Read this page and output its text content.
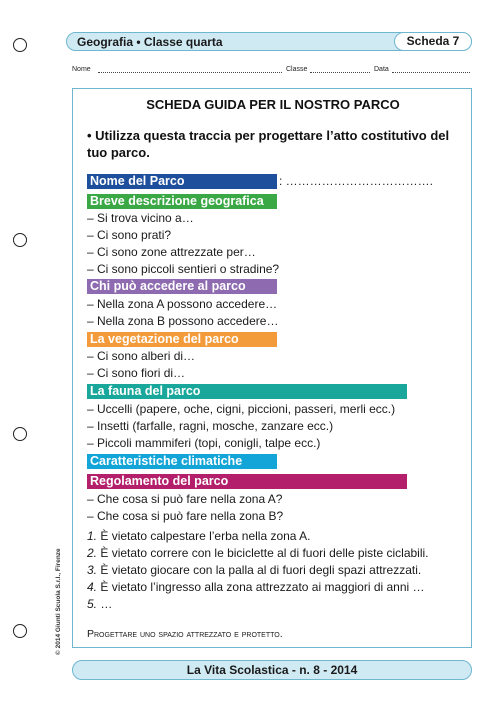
Geografia • Classe quarta	Scheda 7
Nome	Classe	Data
© 2014 Giunti Scuola S.r.l., Firenze
SCHEDA GUIDA PER IL NOSTRO PARCO
• Utilizza questa traccia per progettare l’atto costitutivo del tuo parco.
Nome del Parco	: ……………………………….
Breve descrizione geografica
– Si trova vicino a…
– Ci sono prati?
– Ci sono zone attrezzate per…
– Ci sono piccoli sentieri o stradine?
Chi può accedere al parco
– Nella zona A possono accedere…
– Nella zona B possono accedere…
La vegetazione del parco
– Ci sono alberi di…
– Ci sono fiori di…
La fauna del parco
– Uccelli (papere, oche, cigni, piccioni, passeri, merli ecc.)
– Insetti (farfalle, ragni, mosche, zanzare ecc.)
– Piccoli mammiferi (topi, conigli, talpe ecc.)
Caratteristiche climatiche
Regolamento del parco
– Che cosa si può fare nella zona A?
– Che cosa si può fare nella zona B?
1. È vietato calpestare l’erba nella zona A.
2. È vietato correre con le biciclette al di fuori delle piste ciclabili.
3. È vietato giocare con la palla al di fuori degli spazi attrezzati.
4. È vietato l’ingresso alla zona attrezzato ai maggiori di anni …
5. …
Progettare uno spazio attrezzato e protetto.
La Vita Scolastica - n. 8 - 2014
